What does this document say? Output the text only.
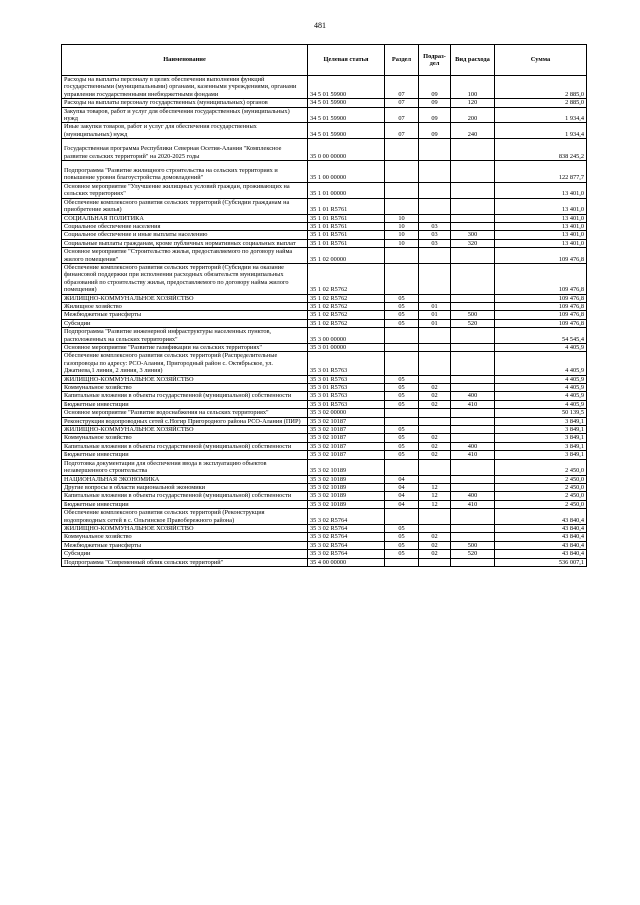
481
Наименование	Целевая статья	Раздел	Подраз-дел	Вид расхода	Сумма
Расходы на выплаты персоналу в целях обеспечения выполнения функций государственными (муниципальными) органами, казенными учреждениями, органами управления государственными внебюджетными фондами	34 5 01 59900	07	09	100	2 885,0
Расходы на выплаты персоналу государственных (муниципальных) органов	34 5 01 59900	07	09	120	2 885,0
Закупка товаров, работ и услуг для обеспечения государственных (муниципальных) нужд	34 5 01 59900	07	09	200	1 934,4
Иные закупки товаров, работ и услуг для обеспечения государственных (муниципальных) нужд	34 5 01 59900	07	09	240	1 934,4
Государственная программа Республики Северная Осетия-Алания "Комплексное развитие сельских территорий" на 2020-2025 годы	35 0 00 00000				838 245,2
Подпрограмма "Развитие жилищного строительства на сельских территориях и повышение уровня благоустройства домовладений"	35 1 00 00000				122 877,7
Основное мероприятие "Улучшение жилищных условий граждан, проживающих на сельских территориях"	35 1 01 00000				13 401,0
Обеспечение комплексного развития сельских территорий (Субсидии гражданам на приобретение жилья)	35 1 01 R5761				13 401,0
СОЦИАЛЬНАЯ ПОЛИТИКА	35 1 01 R5761	10			13 401,0
Социальное обеспечение населения	35 1 01 R5761	10	03		13 401,0
Социальное обеспечение и иные выплаты населению	35 1 01 R5761	10	03	300	13 401,0
Социальные выплаты гражданам, кроме публичных нормативных социальных выплат	35 1 01 R5761	10	03	320	13 401,0
Основное мероприятие "Строительство жилья, предоставляемого по договору найма жилого помещения"	35 1 02 00000				109 476,8
Обеспечение комплексного развития сельских территорий (Субсидии на оказание финансовой поддержки при исполнении расходных обязательств муниципальных образований по строительству жилья, предоставляемого по договору найма жилого помещения)	35 1 02 R5762				109 476,8
ЖИЛИЩНО-КОММУНАЛЬНОЕ ХОЗЯЙСТВО	35 1 02 R5762	05			109 476,8
Жилищное хозяйство	35 1 02 R5762	05	01		109 476,8
Межбюджетные трансферты	35 1 02 R5762	05	01	500	109 476,8
Субсидии	35 1 02 R5762	05	01	520	109 476,8
Подпрограмма "Развитие инженерной инфраструктуры населенных пунктов, расположенных на сельских территориях"	35 3 00 00000				54 545,4
Основное мероприятие "Развитие газификации на сельских территориях"	35 3 01 00000				4 405,9
Обеспечение комплексного развития сельских территорий (Распределительные газопроводы по адресу: РСО-Алания, Пригородный район с. Октябрьское, ул. Джатиева,1 линия, 2 линия, 3 линия)	35 3 01 R5763				4 405,9
ЖИЛИЩНО-КОММУНАЛЬНОЕ ХОЗЯЙСТВО	35 3 01 R5763	05			4 405,9
Коммунальное хозяйство	35 3 01 R5763	05	02		4 405,9
Капитальные вложения в объекты государственной (муниципальной) собственности	35 3 01 R5763	05	02	400	4 405,9
Бюджетные инвестиции	35 3 01 R5763	05	02	410	4 405,9
Основное мероприятие "Развитие водоснабжения на сельских территориях"	35 3 02 00000				50 139,5
Реконструкция водопроводных сетей с.Ногир Пригородного района РСО-Алания (ПИР)	35 3 02 10187				3 849,1
ЖИЛИЩНО-КОММУНАЛЬНОЕ ХОЗЯЙСТВО	35 3 02 10187	05			3 849,1
Коммунальное хозяйство	35 3 02 10187	05	02		3 849,1
Капитальные вложения в объекты государственной (муниципальной) собственности	35 3 02 10187	05	02	400	3 849,1
Бюджетные инвестиции	35 3 02 10187	05	02	410	3 849,1
Подготовка документации для обеспечения ввода в эксплуатацию объектов незавершенного строительства	35 3 02 10189				2 450,0
НАЦИОНАЛЬНАЯ ЭКОНОМИКА	35 3 02 10189	04			2 450,0
Другие вопросы в области национальной экономики	35 3 02 10189	04	12		2 450,0
Капитальные вложения в объекты государственной (муниципальной) собственности	35 3 02 10189	04	12	400	2 450,0
Бюджетные инвестиции	35 3 02 10189	04	12	410	2 450,0
Обеспечение комплексного развития сельских территорий (Реконструкция водопроводных сетей в с. Ольгинское Правобережного района)	35 3 02 R5764				43 840,4
ЖИЛИЩНО-КОММУНАЛЬНОЕ ХОЗЯЙСТВО	35 3 02 R5764	05			43 840,4
Коммунальное хозяйство	35 3 02 R5764	05	02		43 840,4
Межбюджетные трансферты	35 3 02 R5764	05	02	500	43 840,4
Субсидии	35 3 02 R5764	05	02	520	43 840,4
Подпрограмма "Современный облик сельских территорий"	35 4 00 00000				536 007,1
